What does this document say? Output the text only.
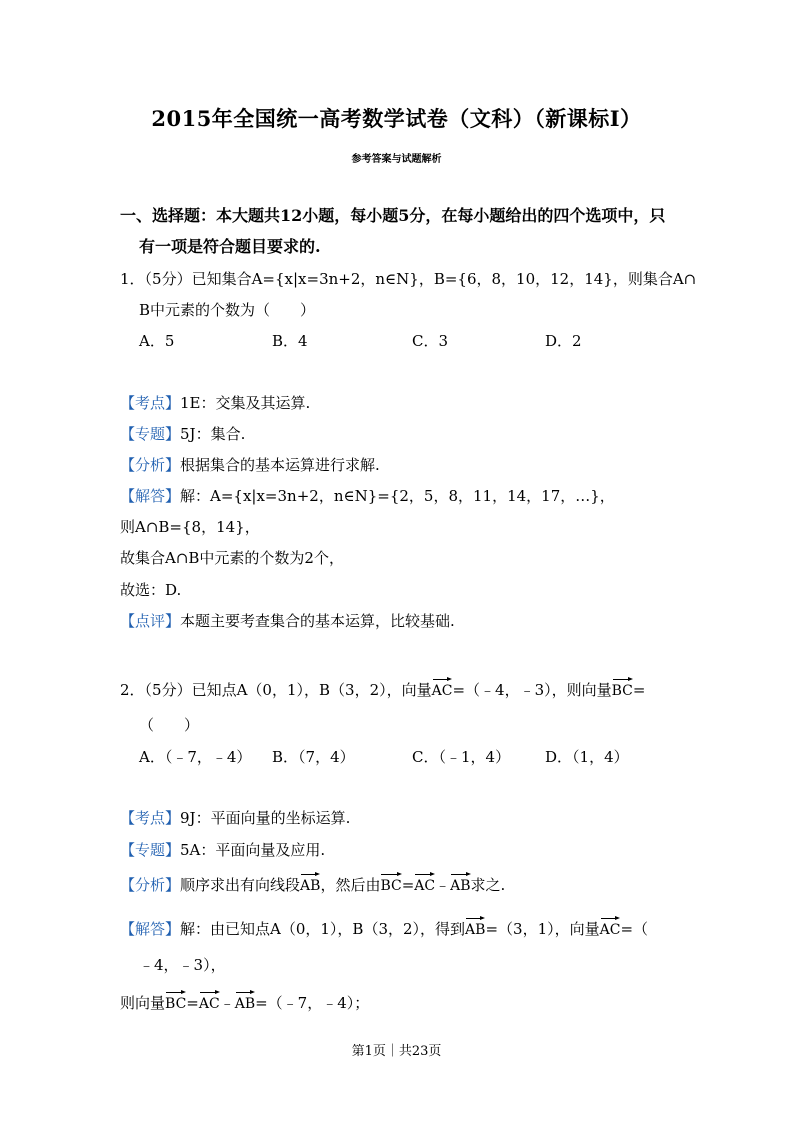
2015年全国统一高考数学试卷（文科）（新课标Ⅰ）
参考答案与试题解析
一、选择题：本大题共12小题，每小题5分，在每小题给出的四个选项中，只
有一项是符合题目要求的.
1．（5分）已知集合A={x|x=3n+2，n∈N}，B={6，8，10，12，14}，则集合A∩
B中元素的个数为（　　）
A．5	B．4	C．3	D．2
【考点】1E：交集及其运算.
【专题】5J：集合.
【分析】根据集合的基本运算进行求解.
【解答】解：A={x|x=3n+2，n∈N}={2，5，8，11，14，17，…}，
则A∩B={8，14}，
故集合A∩B中元素的个数为2个，
故选：D.
【点评】本题主要考查集合的基本运算，比较基础.
2．（5分）已知点A（0，1），B（3，2），向量
AC=（﹣4，﹣3），则向量
BC=
（　　）
A．（﹣7，﹣4） B．（7，4）	C．（﹣1，4） D．（1，4）
【考点】9J：平面向量的坐标运算.
【专题】5A：平面向量及应用.
【分析】顺序求出有向线段
AB，然后由
BC=
AC﹣
AB求之.
【解答】解：由已知点A（0，1），B（3，2），得到
AB=（3，1），向量
AC=（
﹣4，﹣3），
则向量
BC=
AC﹣
AB=（﹣7，﹣4）；
第1页｜共23页
